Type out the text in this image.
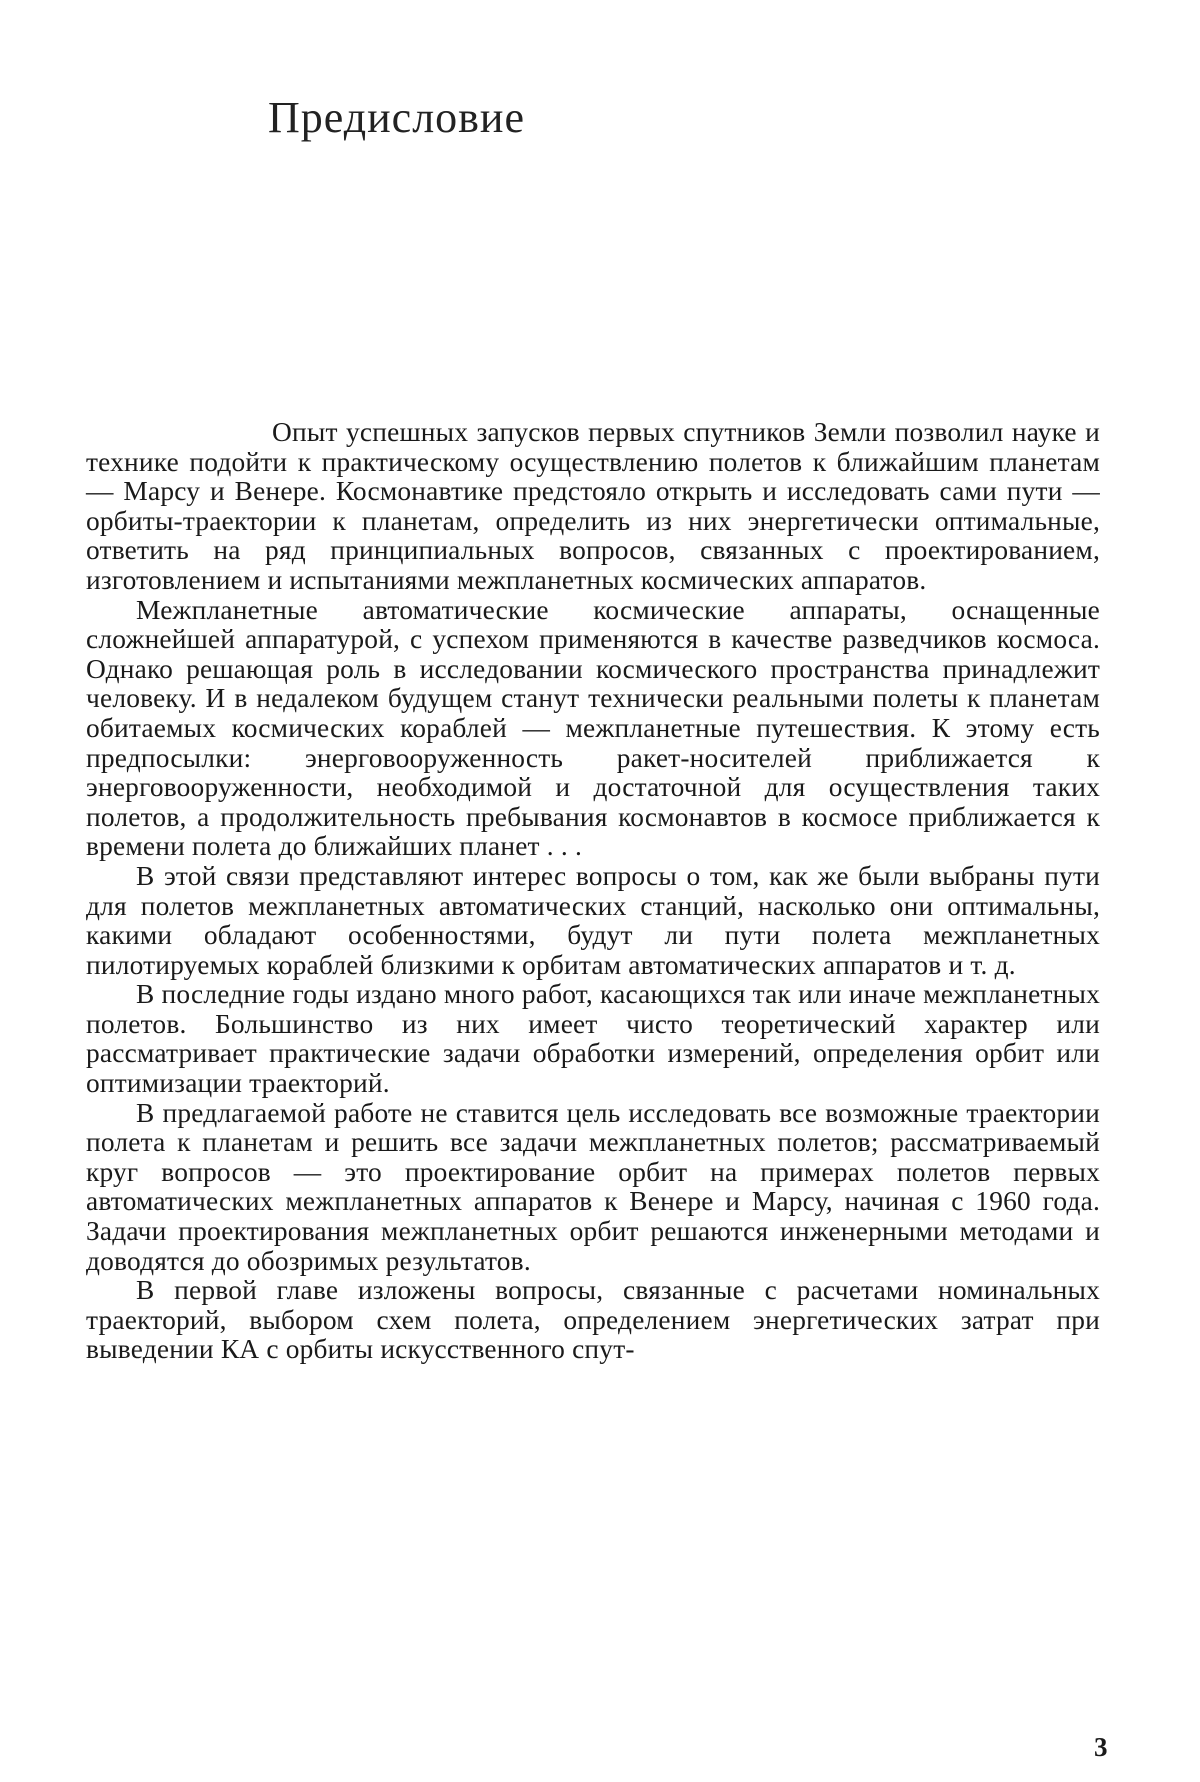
Предисловие

Опыт успешных запусков первых спутников Земли позволил науке и технике подойти к практическому осуществлению полетов к ближайшим планетам — Марсу и Венере. Космонавтике предстояло открыть и исследовать сами пути — орбиты-траектории к планетам, определить из них энергетически оптимальные, ответить на ряд принципиальных вопросов, связанных с проектированием, изготовлением и испытаниями межпланетных космических аппаратов.

Межпланетные автоматические космические аппараты, оснащенные сложнейшей аппаратурой, с успехом применяются в качестве разведчиков космоса. Однако решающая роль в исследовании космического пространства принадлежит человеку. И в недалеком будущем станут технически реальными полеты к планетам обитаемых космических кораблей — межпланетные путешествия. К этому есть предпосылки: энерговооруженность ракет-носителей приближается к энерговооруженности, необходимой и достаточной для осуществления таких полетов, а продолжительность пребывания космонавтов в космосе приближается к времени полета до ближайших планет . . .

В этой связи представляют интерес вопросы о том, как же были выбраны пути для полетов межпланетных автоматических станций, насколько они оптимальны, какими обладают особенностями, будут ли пути полета межпланетных пилотируемых кораблей близкими к орбитам автоматических аппаратов и т. д.

В последние годы издано много работ, касающихся так или иначе межпланетных полетов. Большинство из них имеет чисто теоретический характер или рассматривает практические задачи обработки измерений, определения орбит или оптимизации траекторий.

В предлагаемой работе не ставится цель исследовать все возможные траектории полета к планетам и решить все задачи межпланетных полетов; рассматриваемый круг вопросов — это проектирование орбит на примерах полетов первых автоматических межпланетных аппаратов к Венере и Марсу, начиная с 1960 года. Задачи проектирования межпланетных орбит решаются инженерными методами и доводятся до обозримых результатов.

В первой главе изложены вопросы, связанные с расчетами номинальных траекторий, выбором схем полета, определением энергетических затрат при выведении КА с орбиты искусственного спут-

3
